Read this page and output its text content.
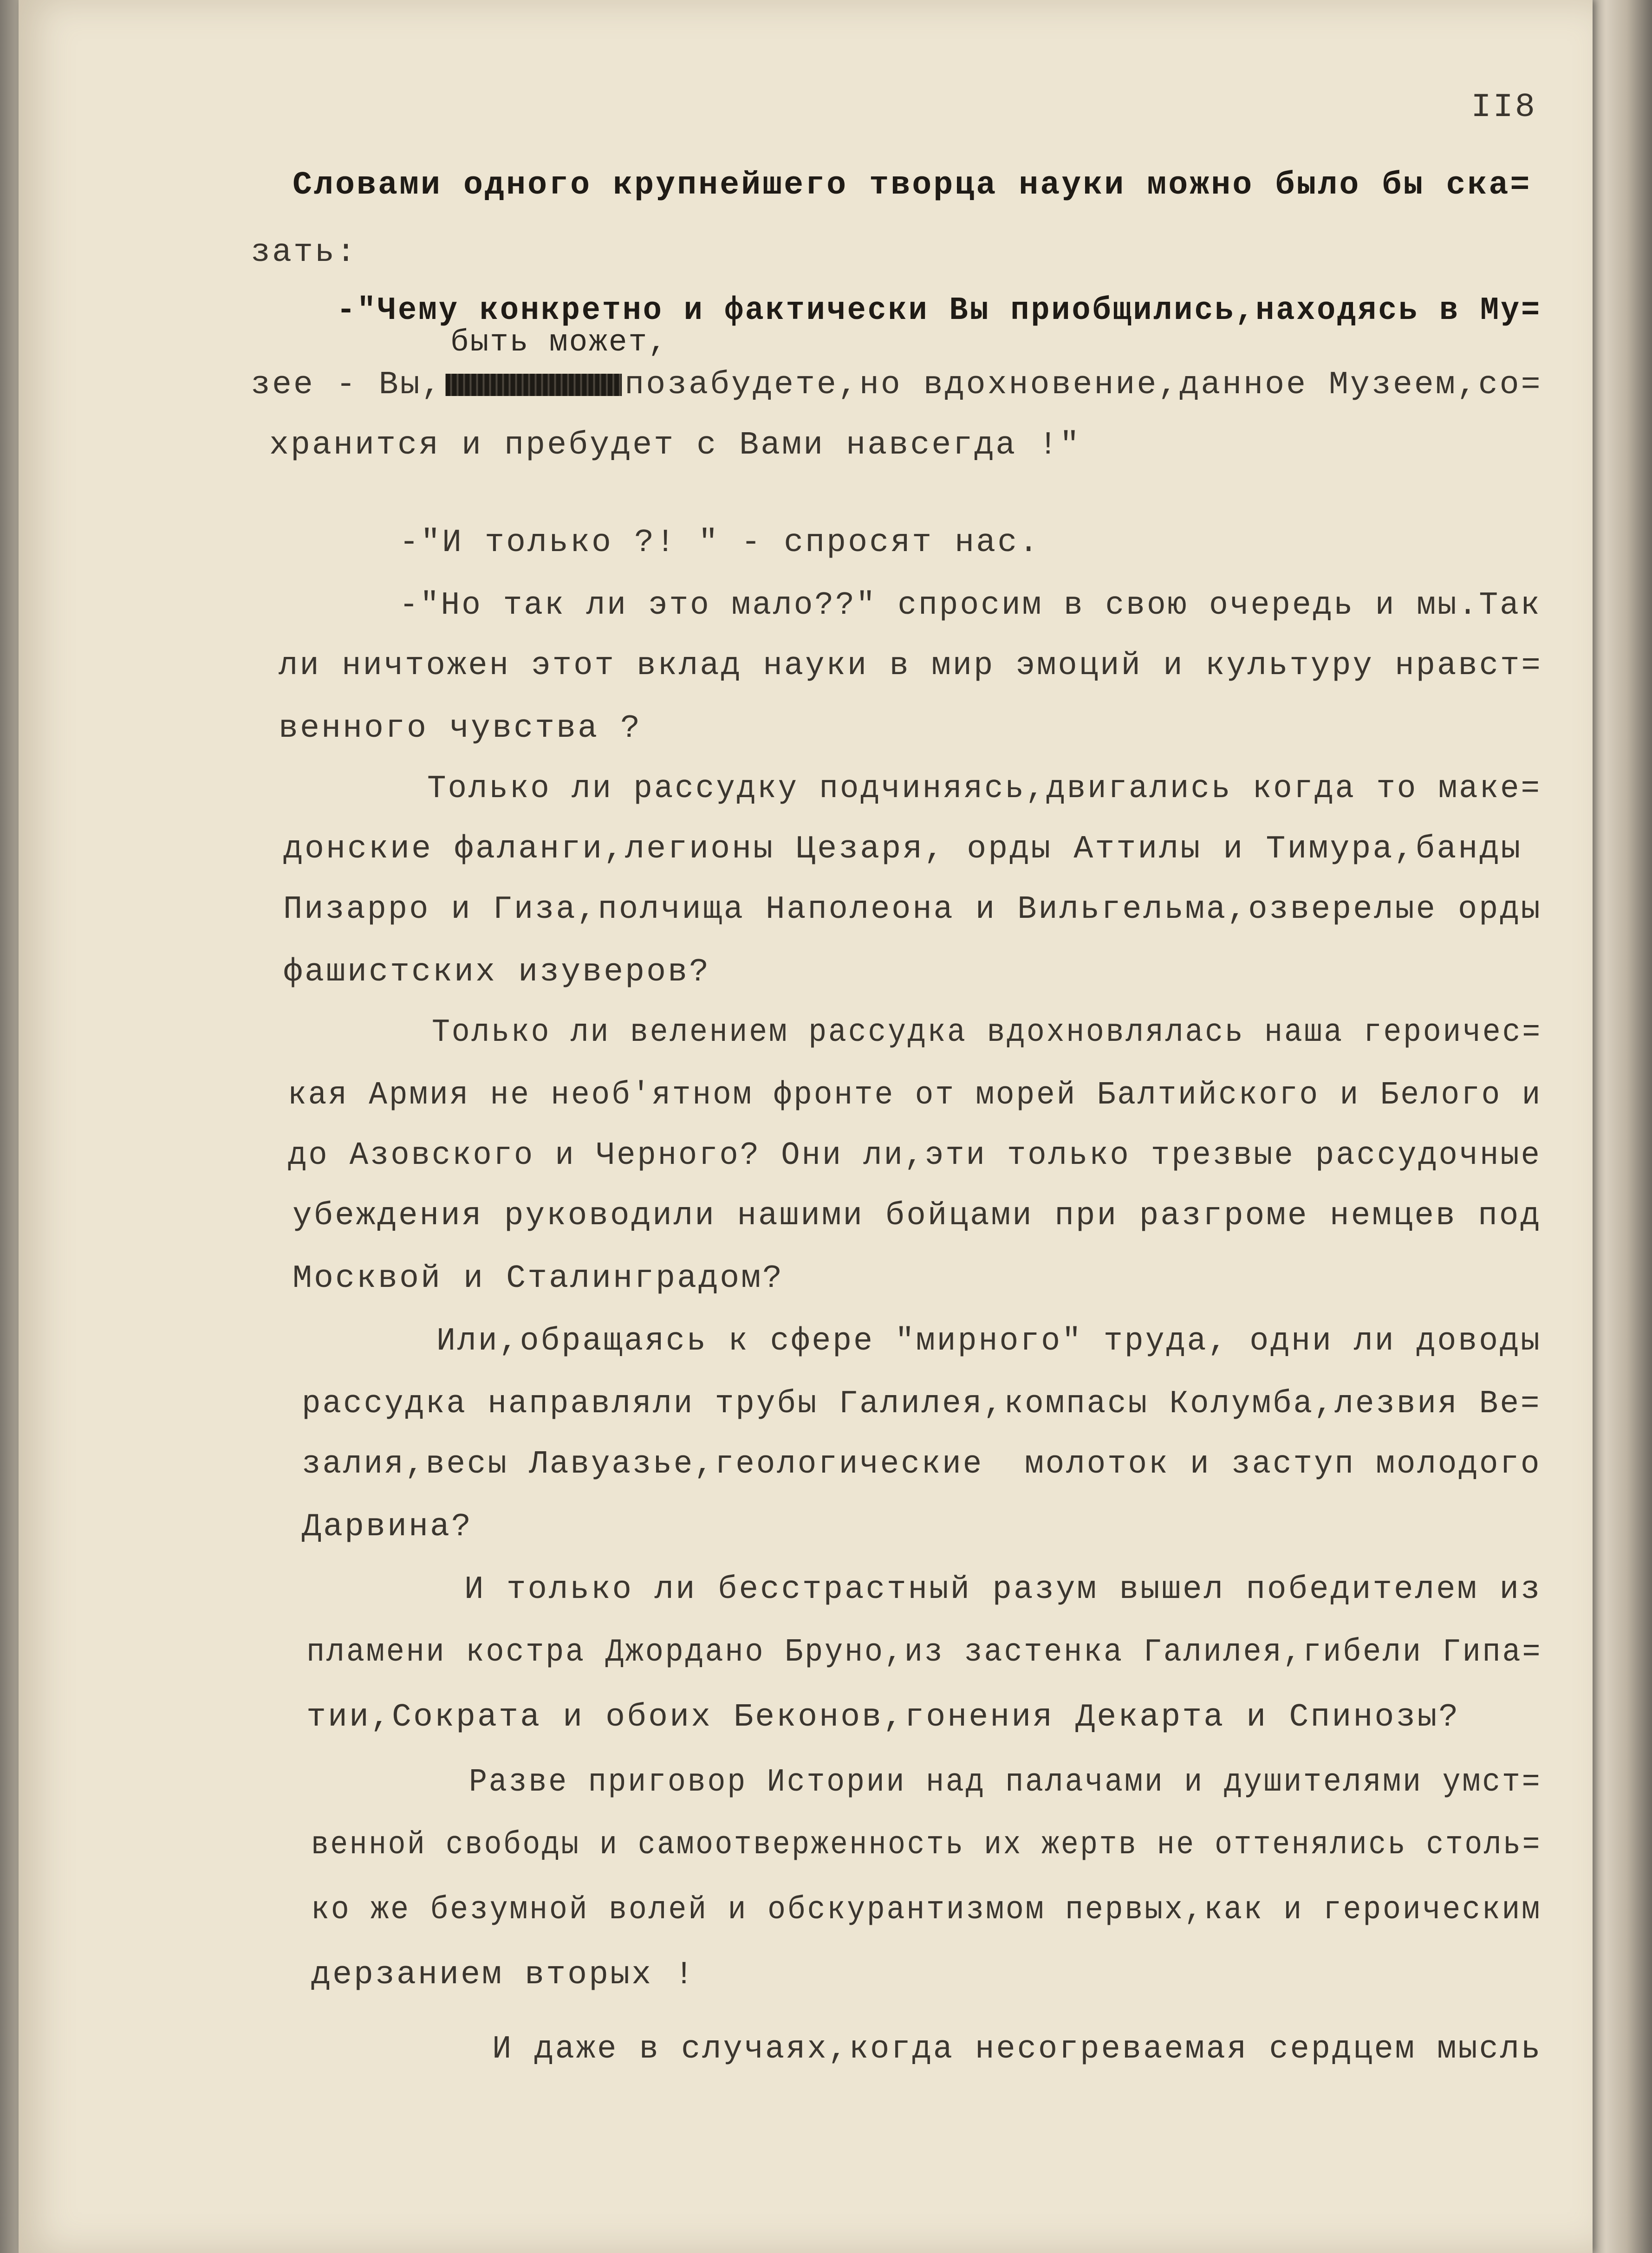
II8
Словами одного крупнейшего творца науки можно было бы ска=
зать:
-"Чему конкретно и фактически Вы приобщились,находясь в Му=
быть может,
зее - Вы,	позабудете,но вдохновение,данное Музеем,со=
хранится и пребудет с Вами навсегда !"
-"И только ?! " - спросят нас.
-"Но так ли это мало??" спросим в свою очередь и мы.Так
ли ничтожен этот вклад науки в мир эмоций и культуру нравст=
венного чувства ?
Только ли рассудку подчиняясь,двигались когда то маке=
донские фаланги,легионы Цезаря, орды Аттилы и Тимура,банды
Пизарро и Гиза,полчища Наполеона и Вильгельма,озверелые орды
фашистских изуверов?
Только ли велением рассудка вдохновлялась наша героичес=
кая Армия не необ'ятном фронте от морей Балтийского и Белого и
до Азовского и Черного? Они ли,эти только трезвые рассудочные
убеждения руководили нашими бойцами при разгроме немцев под
Москвой и Сталинградом?
Или,обращаясь к сфере "мирного" труда, одни ли доводы
рассудка направляли трубы Галилея,компасы Колумба,лезвия Ве=
залия,весы Лавуазье,геологические  молоток и заступ молодого
Дарвина?
И только ли бесстрастный разум вышел победителем из
пламени костра Джордано Бруно,из застенка Галилея,гибели Гипа=
тии,Сократа и обоих Беконов,гонения Декарта и Спинозы?
Разве приговор Истории над палачами и душителями умст=
венной свободы и самоотверженность их жертв не оттенялись столь=
ко же безумной волей и обскурантизмом первых,как и героическим
дерзанием вторых !
И даже в случаях,когда несогреваемая сердцем мысль
